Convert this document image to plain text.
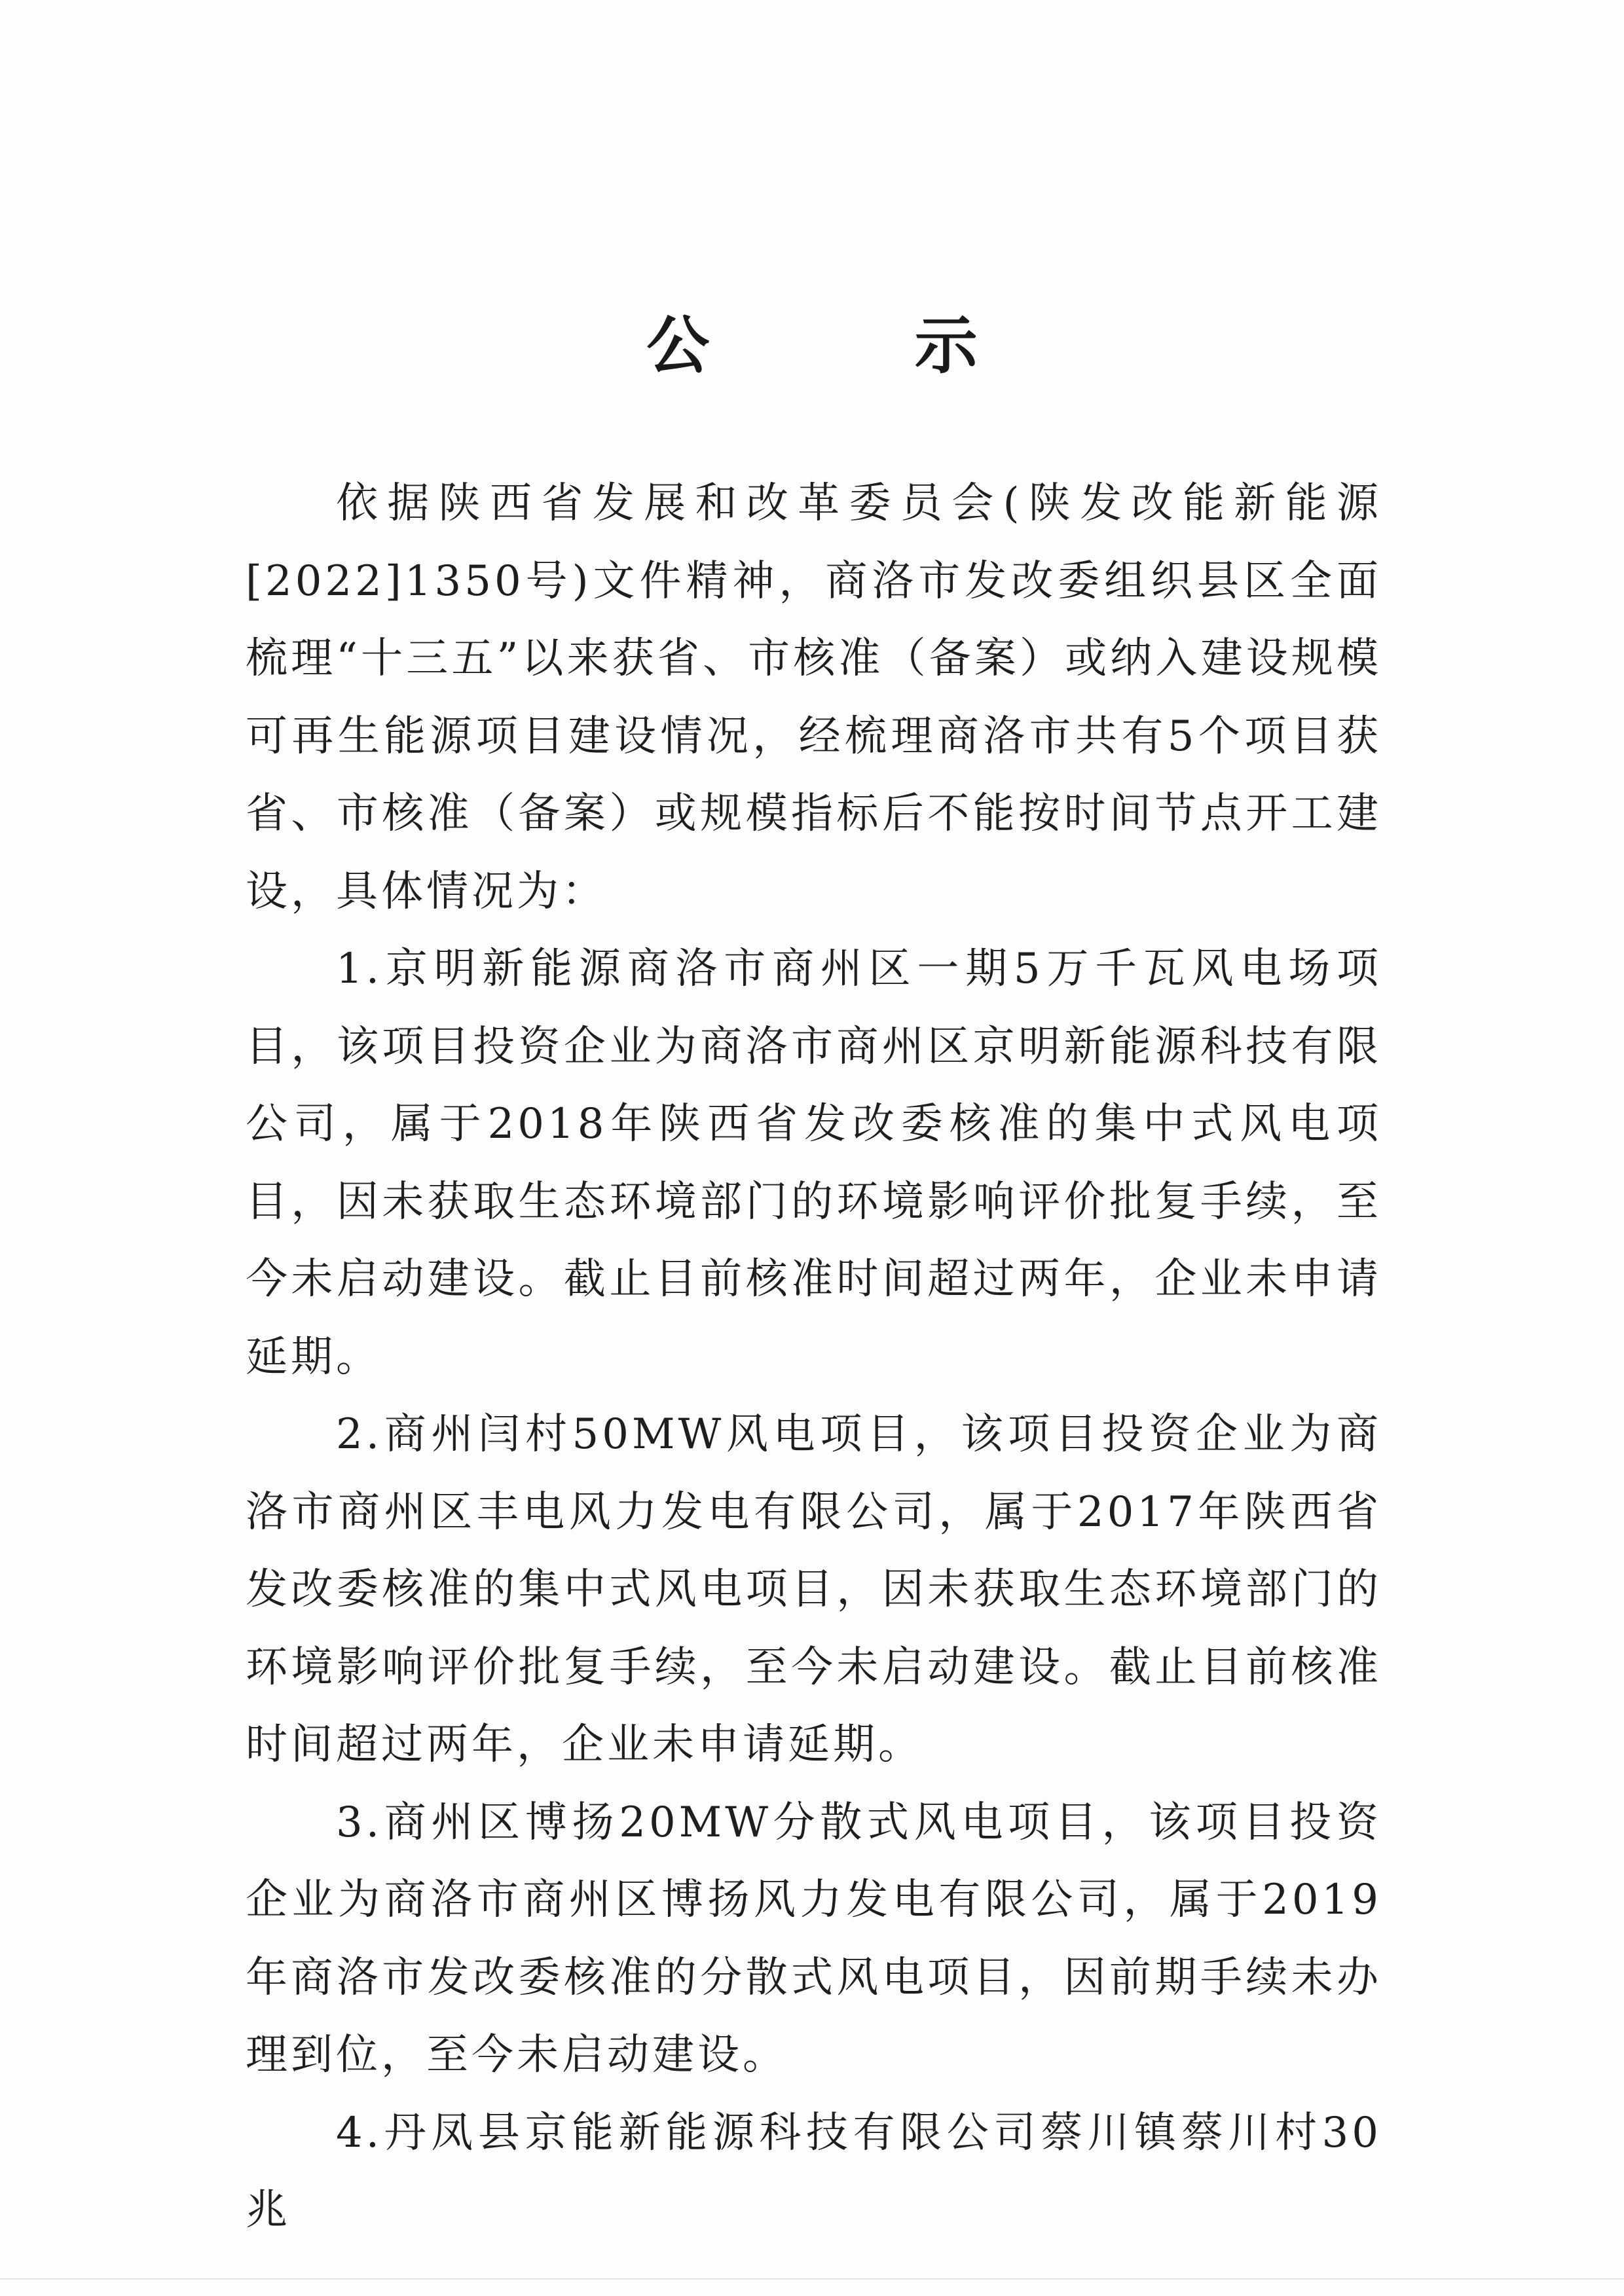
公 示

依据陕西省发展和改革委员会(陕发改能新能源[2022]1350号)文件精神，商洛市发改委组织县区全面梳理“十三五”以来获省、市核准（备案）或纳入建设规模可再生能源项目建设情况，经梳理商洛市共有5个项目获省、市核准（备案）或规模指标后不能按时间节点开工建设，具体情况为：

1.京明新能源商洛市商州区一期5万千瓦风电场项目，该项目投资企业为商洛市商州区京明新能源科技有限公司，属于2018年陕西省发改委核准的集中式风电项目，因未获取生态环境部门的环境影响评价批复手续，至今未启动建设。截止目前核准时间超过两年，企业未申请延期。

2.商州闫村50MW风电项目，该项目投资企业为商洛市商州区丰电风力发电有限公司，属于2017年陕西省发改委核准的集中式风电项目，因未获取生态环境部门的环境影响评价批复手续，至今未启动建设。截止目前核准时间超过两年，企业未申请延期。

3.商州区博扬20MW分散式风电项目，该项目投资企业为商洛市商州区博扬风力发电有限公司，属于2019年商洛市发改委核准的分散式风电项目，因前期手续未办理到位，至今未启动建设。

4.丹凤县京能新能源科技有限公司蔡川镇蔡川村30兆
